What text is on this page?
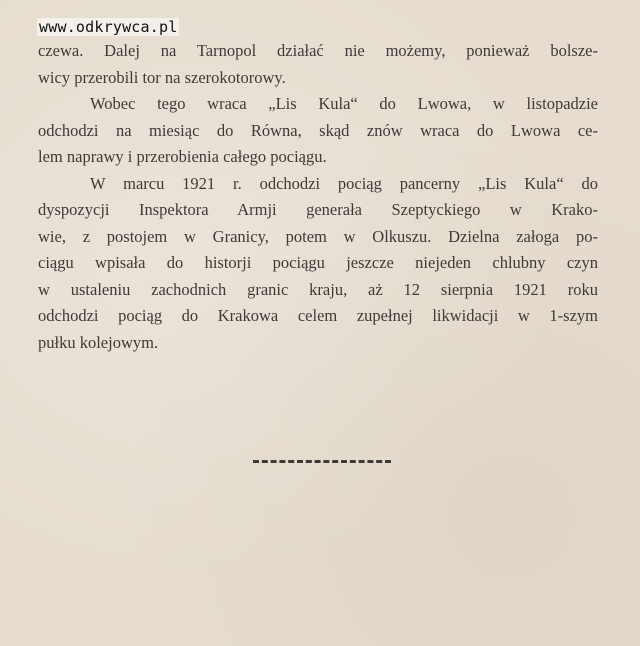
www.odkrywca.pl
czewa. Dalej na Tarnopol działać nie możemy, ponieważ bolsze-
wicy przerobili tor na szerokotorowy.
Wobec tego wraca „Lis Kula“ do Lwowa, w listopadzie
odchodzi na miesiąc do Równa, skąd znów wraca do Lwowa ce-
lem naprawy i przerobienia całego pociągu.
W marcu 1921 r. odchodzi pociąg pancerny „Lis Kula“ do
dyspozycji Inspektora Armji generała Szeptyckiego w Krako-
wie, z postojem w Granicy, potem w Olkuszu. Dzielna załoga po-
ciągu wpisała do historji pociągu jeszcze niejeden chlubny czyn
w ustaleniu zachodnich granic kraju, aż 12 sierpnia 1921 roku
odchodzi pociąg do Krakowa celem zupełnej likwidacji w 1-szym
pułku kolejowym.
